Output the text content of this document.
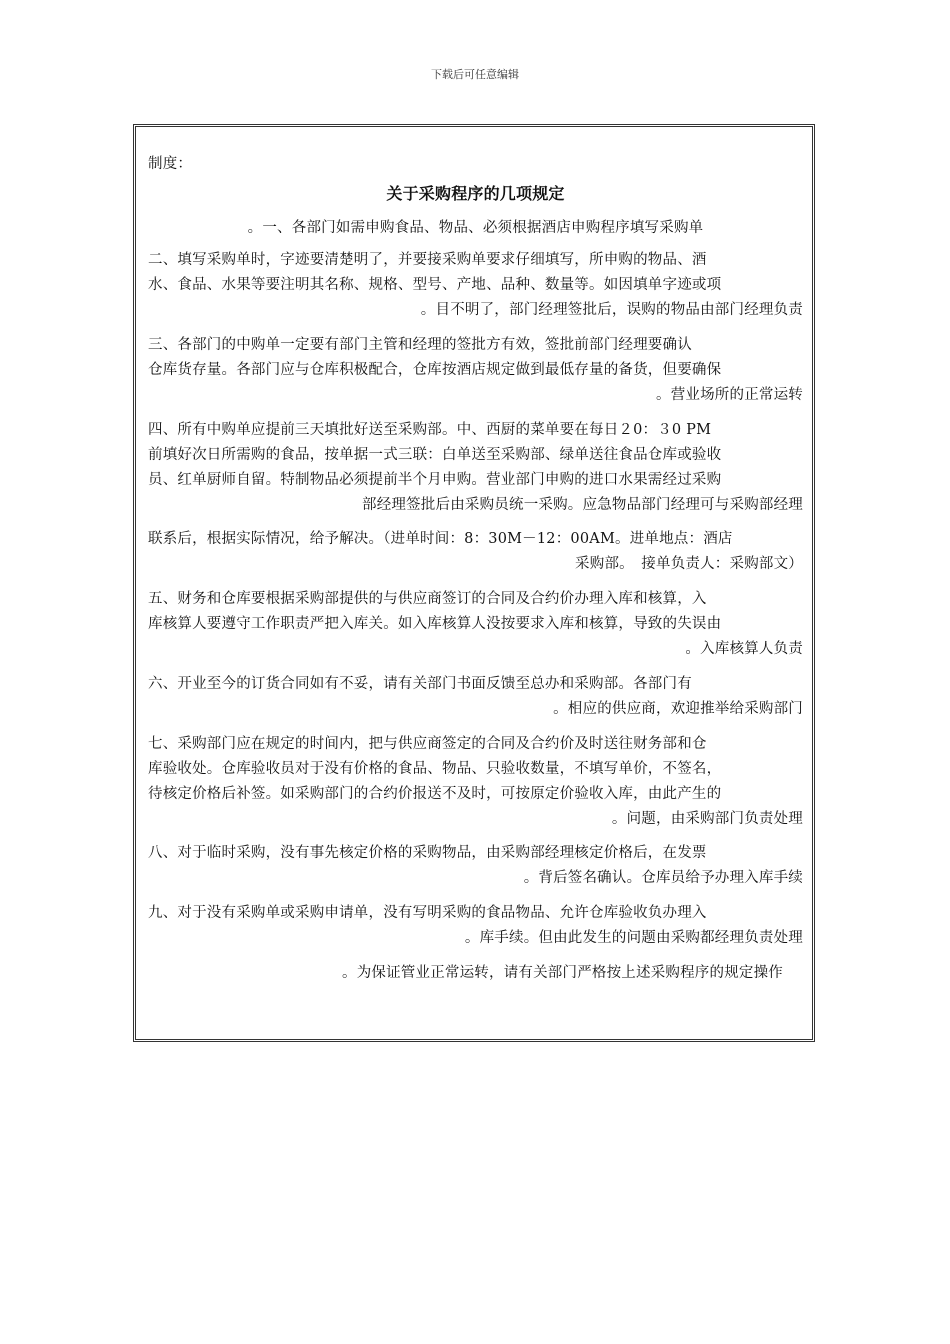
下载后可任意编辑
制度：
关于采购程序的几项规定
。一、各部门如需申购食品、物品、必须根据酒店申购程序填写采购单
二、填写采购单时，字迹要清楚明了，并要接采购单要求仔细填写，所申购的物品、酒
水、食品、水果等要注明其名称、规格、型号、产地、品种、数量等。如因填单字迹或项
。目不明了，部门经理签批后，误购的物品由部门经理负责
三、各部门的中购单一定要有部门主管和经理的签批方有效，签批前部门经理要确认
仓库货存量。各部门应与仓库积极配合，仓库按酒店规定做到最低存量的备货，但要确保
。营业场所的正常运转
四、所有中购单应提前三天填批好送至采购部。中、西厨的菜单要在每日２0：３0 PM
前填好次日所需购的食品，按单据一式三联：白单送至采购部、绿单送往食品仓库或验收
员、红单厨师自留。特制物品必须提前半个月申购。营业部门申购的进口水果需经过采购
部经理签批后由采购员统一采购。应急物品部门经理可与采购部经理
联系后，根据实际情况，给予解决。（进单时间：8：30M－12：00AM。进单地点：酒店
采购部。　接单负责人：采购部文）
五、财务和仓库要根据采购部提供的与供应商签订的合同及合约价办理入库和核算，入
库核算人要遵守工作职责严把入库关。如入库核算人没按要求入库和核算，导致的失误由
。入库核算人负责
六、开业至今的订货合同如有不妥，请有关部门书面反馈至总办和采购部。各部门有
。相应的供应商，欢迎推举给采购部门
七、采购部门应在规定的时间内，把与供应商签定的合同及合约价及时送往财务部和仓
库验收处。仓库验收员对于没有价格的食品、物品、只验收数量，不填写单价，不签名，
待核定价格后补签。如采购部门的合约价报送不及时，可按原定价验收入库，由此产生的
。问题，由采购部门负责处理
八、对于临时采购，没有事先核定价格的采购物品，由采购部经理核定价格后，在发票
。背后签名确认。仓库员给予办理入库手续
九、对于没有采购单或采购申请单，没有写明采购的食品物品、允许仓库验收负办理入
。库手续。但由此发生的问题由采购都经理负责处理
。为保证管业正常运转，请有关部门严格按上述采购程序的规定操作
